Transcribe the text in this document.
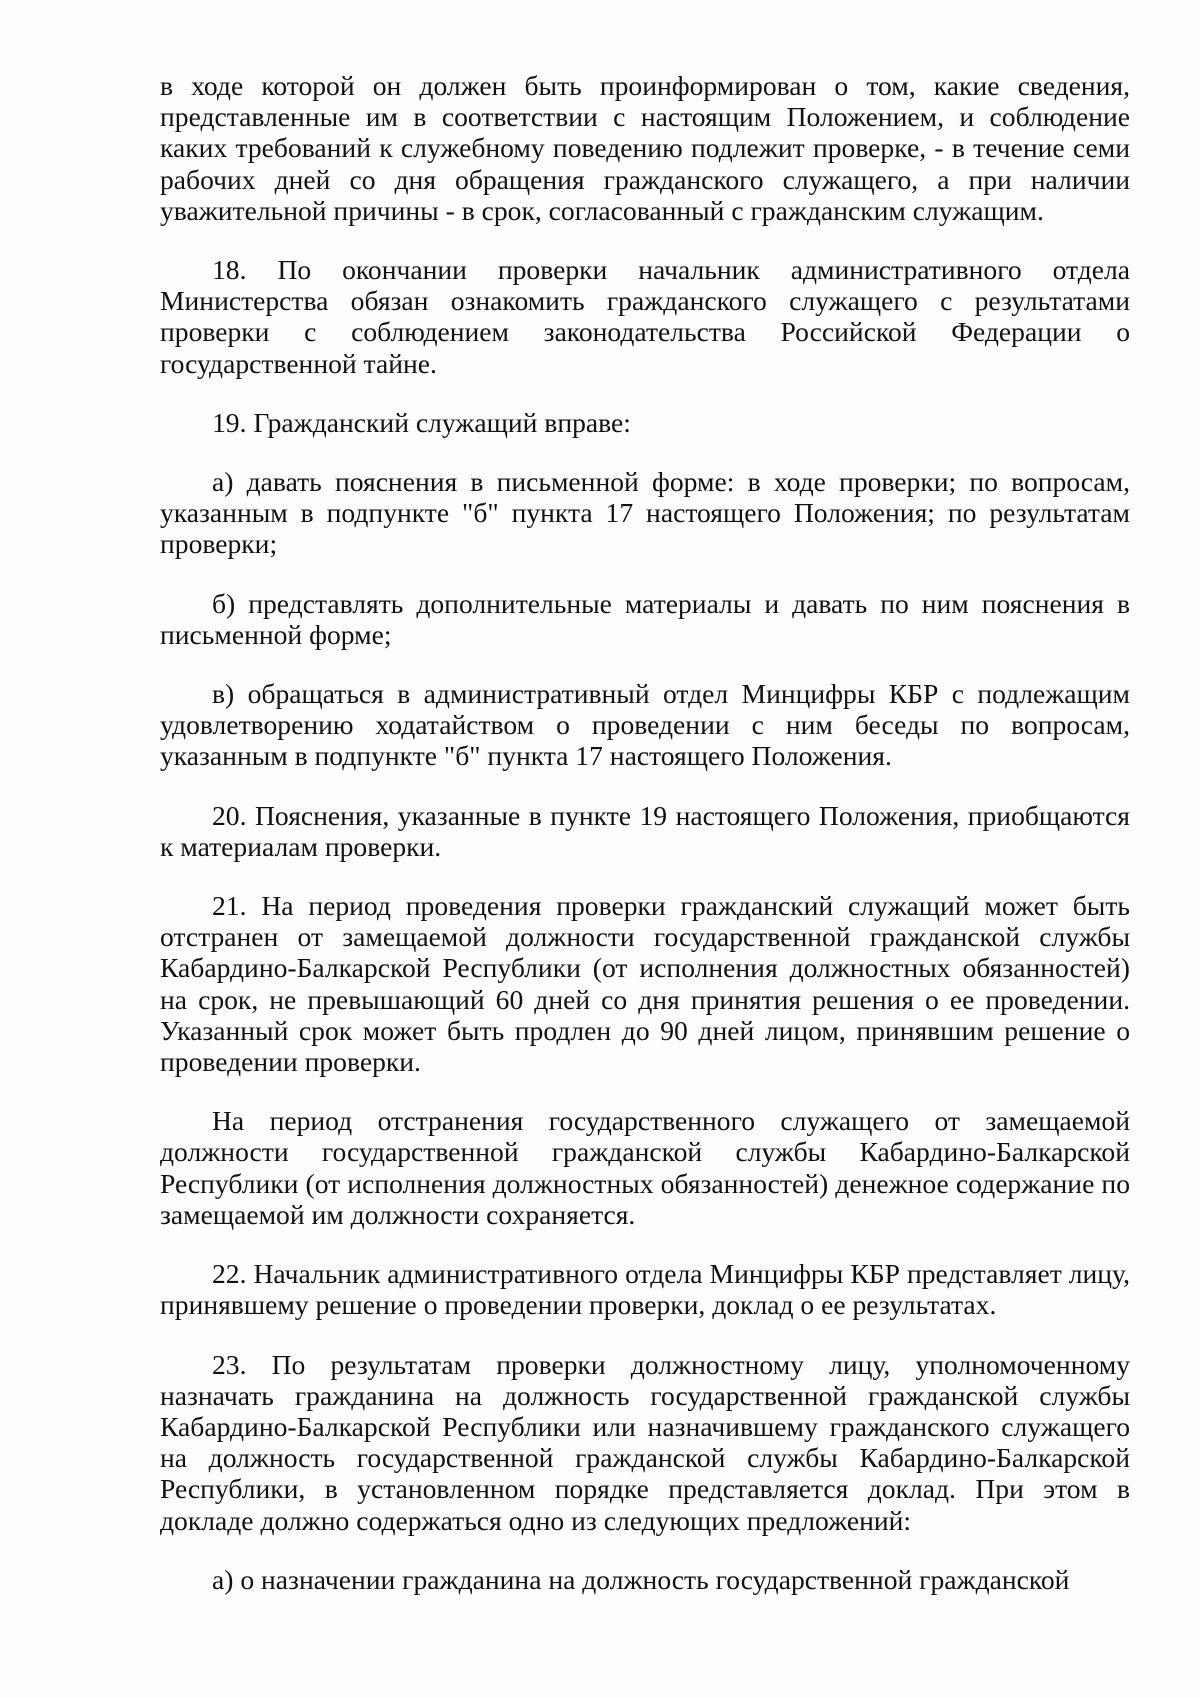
в ходе которой он должен быть проинформирован о том, какие сведения, представленные им в соответствии с настоящим Положением, и соблюдение каких требований к служебному поведению подлежит проверке, - в течение семи рабочих дней со дня обращения гражданского служащего, а при наличии уважительной причины - в срок, согласованный с гражданским служащим.

18. По окончании проверки начальник административного отдела Министерства обязан ознакомить гражданского служащего с результатами проверки с соблюдением законодательства Российской Федерации о государственной тайне.

19. Гражданский служащий вправе:

а) давать пояснения в письменной форме: в ходе проверки; по вопросам, указанным в подпункте "б" пункта 17 настоящего Положения; по результатам проверки;

б) представлять дополнительные материалы и давать по ним пояснения в письменной форме;

в) обращаться в административный отдел Минцифры КБР с подлежащим удовлетворению ходатайством о проведении с ним беседы по вопросам, указанным в подпункте "б" пункта 17 настоящего Положения.

20. Пояснения, указанные в пункте 19 настоящего Положения, приобщаются к материалам проверки.

21. На период проведения проверки гражданский служащий может быть отстранен от замещаемой должности государственной гражданской службы Кабардино-Балкарской Республики (от исполнения должностных обязанностей) на срок, не превышающий 60 дней со дня принятия решения о ее проведении. Указанный срок может быть продлен до 90 дней лицом, принявшим решение о проведении проверки.

На период отстранения государственного служащего от замещаемой должности государственной гражданской службы Кабардино-Балкарской Республики (от исполнения должностных обязанностей) денежное содержание по замещаемой им должности сохраняется.

22. Начальник административного отдела Минцифры КБР представляет лицу, принявшему решение о проведении проверки, доклад о ее результатах.

23. По результатам проверки должностному лицу, уполномоченному назначать гражданина на должность государственной гражданской службы Кабардино-Балкарской Республики или назначившему гражданского служащего на должность государственной гражданской службы Кабардино-Балкарской Республики, в установленном порядке представляется доклад. При этом в докладе должно содержаться одно из следующих предложений:

а) о назначении гражданина на должность государственной гражданской
